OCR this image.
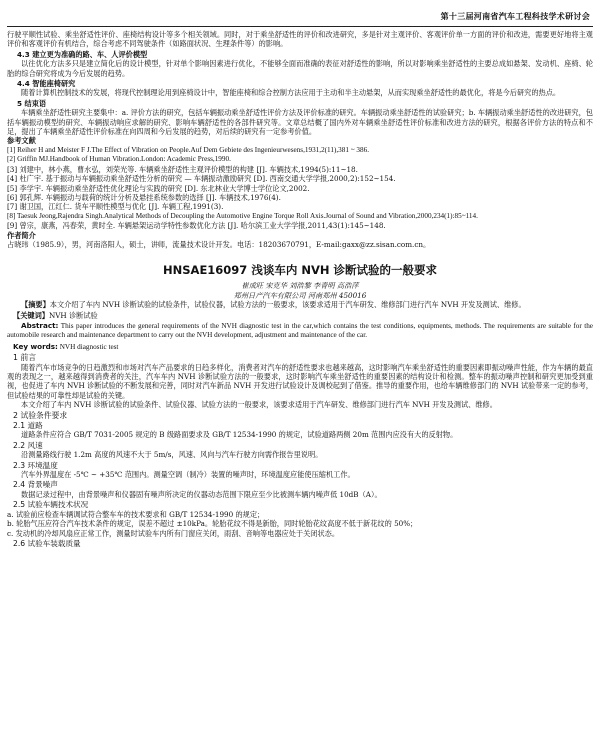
第十三届河南省汽车工程科技学术研讨会

行驶平顺性试验、乘坐舒适性评价、座椅结构设计等多个相关领域。同时，对于乘坐舒适性的评价和改进研究，多是针对主观评价、客观评价单一方面的评价和改进，需要更好地将主观评价和客观评价有机结合，综合考虑不同驾驶条件（如路面状况、生理条件等）的影响。

4.3 建立更为准确的路、车、人评价模型

以往优化方法多只是建立简化后的设计模型，针对单个影响因素进行优化，不能够全面而准确的表征对舒适性的影响，所以对影响乘坐舒适性的主要总成如悬架、发动机、座椅、轮胎的综合研究将成为今后发展的趋势。

4.4 智能座椅研究

随着计算机控制技术的发展，将现代控制理论用到座椅设计中，智能座椅和综合控制方法应用于主动和半主动悬架，从而实现乘坐舒适性的最优化，将是今后研究的热点。

5 结束语

车辆乘坐舒适性研究主要集中：a. 评价方法的研究，包括车辆振动乘坐舒适性评价方法及评价标准的研究。车辆振动乘坐舒适性的试验研究；b. 车辆振动乘坐舒适性的改进研究，包括车辆振动模型的研究、车辆振动响应求解的研究、影响车辆舒适性的各部件研究等。文章总结概了国内外对车辆乘坐舒适性评价标准和改进方法的研究，根据各评价方法的特点和不足，提出了车辆乘坐舒适性评价标准在向四周和今后发展的趋势，对后续的研究有一定参考价值。

参考文献

[1] Reiher H and Meister F J.The Effect of Vibration on People.Auf Dem Gebiete des Ingenieurwesens,1931,2(11),381 ~ 386.

[2] Griffin MJ.Handbook of Human Vibration.London: Academic Press,1990.

[3] 刘建中，林小燕，曹水弘，刘荣光等. 车辆乘坐舒适性主观评价模型的构建 [J]. 车辆技术,1994(5):11~18.

[4] 杜广宇. 基于振动与车辆振动乘坐舒适性分析的研究 — 车辆振动激励研究 [D]. 西南交通大学学报,2000,2):152~154.

[5] 李学宇. 车辆振动乘坐舒适性优化理论与实践的研究 [D]. 东北林业大学博士学位论文,2002.

[6] 郭孔辉. 车辆振动与载荷的统计分析及悬挂系统参数的选择 [J]. 车辆技术,1976(4).

[7] 谢卫国，江红仁. 货车平顺性模型与优化 [J]. 车辆工程,1991(3).

[8] Taesuk Jeong,Rajendra Singh.Analytical Methods of Decoupling the Automotive Engine Torque Roll Axis.Journal of Sound and Vibration,2000,234(1):85~114.

[9] 曾宗，康燕，冯春荣，黄时全. 车辆悬架运动学特性参数优化方法 [J]. 哈尔滨工业大学学报,2011,43(1):145~148.

作者简介

占晓玮（1985.9），男，河南洛阳人，硕士，讲师，流量技术设计开发。电话：18203670791，E-mail:gaxx@zz.sisan.com.cn。

HNSAE16097 浅谈车内 NVH 诊断试验的一般要求
崔成旺 宋克华 刘浩黎 李青明 高浩萍
郑州日产汽车有限公司 河南郑州 450016

【摘要】本文介绍了车内 NVH 诊断试验的试验条件，试验仪器，试验方法的一般要求，该要求适用于汽车研发、维修部门进行汽车 NVH 开发及测试、维修。

【关键词】NVH 诊断试验

Abstract: This paper introduces the general requirements of the NVH diagnostic test in the car,which contains the test conditions, equipments, methods. The requirements are suitable for the automobile research and maintenance department to carry out the NVH development, adjustment and maintenance of the car.

Key words: NVH diagnostic test

1 前言

随着汽车市场竞争的日趋激烈和市场对汽车产品要求的日趋多样化，消费者对汽车的舒适性要求也越来越高，这时影响汽车乘坐舒适性的重要因素即振动噪声性能，作为车辆的最直观的表现之一，越来越得到消费者的关注，汽车车内 NVH 诊断试验方法的一般要求，这时影响汽车乘坐舒适性的重要因素的结构设计和检测。整车的振动噪声控制和研究更加受到重视，也促进了车内 NVH 诊断试验的不断发展和完善，同时对汽车新品 NVH 开发进行试验设计及调校起到了借鉴。推导的重要作用，也给车辆维修部门的 NVH 试验带来一定的参考，但试验结果的可靠性却是试验的关键。

本文介绍了车内 NVH 诊断试验的试验条件、试验仪器、试验方法的一般要求，该要求适用于汽车研发、维修部门进行汽车 NVH 开发及测试、维修。

2 试验条件要求

2.1 道路

道路条件应符合 GB/T 7031-2005 规定的 B 级路面要求及 GB/T 12534-1990 的规定，试验道路两侧 20m 范围内应没有大的反射物。

2.2 风速

沿测量路线行驶 1.2m 高度的风速不大于 5m/s，风速、风向与汽车行驶方向需作报告里说明。

2.3 环境温度

汽车外界温度在 -5℃ ~ +35℃ 范围内。测量空调（制冷）装置的噪声时，环境温度应能使压缩机工作。

2.4 背景噪声

数据记录过程中，由背景噪声和仪器固有噪声所决定的仪器动态范围下限应至少比被测车辆内噪声低 10dB（A）。

2.5 试验车辆技术状况

a. 试验前应检查车辆调试符合整车车的技术要求和 GB/T 12534-1990 的规定；

b. 轮胎气压应符合汽车技术条件的规定，误差不超过 ±10kPa。轮胎花纹不得是新胎，同时轮胎花纹高度不低于新花纹的 50%；

c. 发动机的冷却风扇应正常工作，测量时试验车内所有门窗应关闭，雨刮、音响等电器应处于关闭状态。

2.6 试验车装载质量
